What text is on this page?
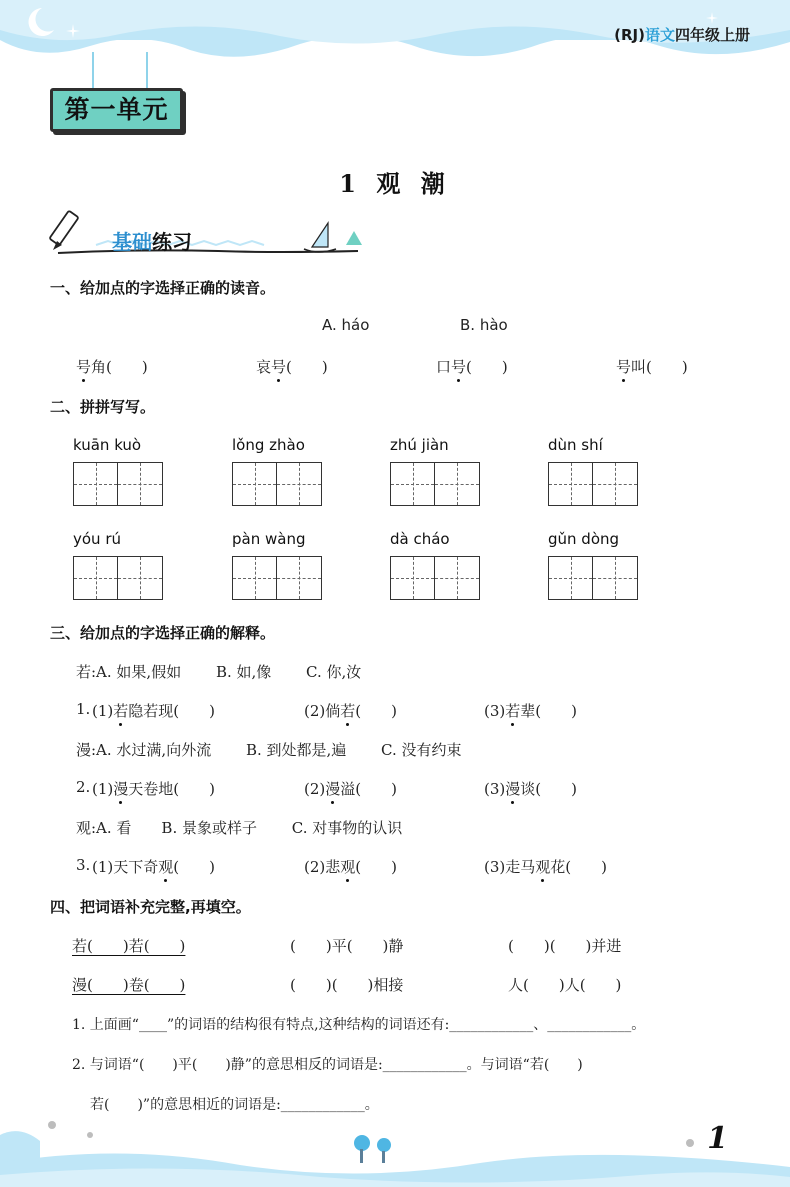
(RJ)语文四年级上册
第一单元
1 观 潮
基础练习
一、给加点的字选择正确的读音。
A. háo	B. hào
号角(　　)	哀号(　　)	口号(　　)	号叫(　　)
二、拼拼写写。
kuān kuò	lǒng zhào	zhú jiàn	dùn shí
yóu rú	pàn wàng	dà cháo	gǔn dòng
三、给加点的字选择正确的解释。
若:A. 如果,假如　　 B. 如,像　　 C. 你,汝
1. (1)若隐若现(　　)	(2)倘若(　　)	(3)若辈(　　)
漫:A. 水过满,向外流　　 B. 到处都是,遍　　 C. 没有约束
2. (1)漫天卷地(　　)	(2)漫溢(　　)	(3)漫谈(　　)
观:A. 看　　B. 景象或样子　　 C. 对事物的认识
3. (1)天下奇观(　　)	(2)悲观(　　)	(3)走马观花(　　)
四、把词语补充完整,再填空。
若(　　)若(　　)	(　　)平(　　)静	(　　)(　　)并进
漫(　　)卷(　　)	(　　)(　　)相接	人(　　)人(　　)
1. 上面画“____”的词语的结构很有特点,这种结构的词语还有:____________、____________。
2. 与词语“(　　)平(　　)静”的意思相反的词语是:____________。与词语“若(　　)
若(　　)”的意思相近的词语是:____________。
1
